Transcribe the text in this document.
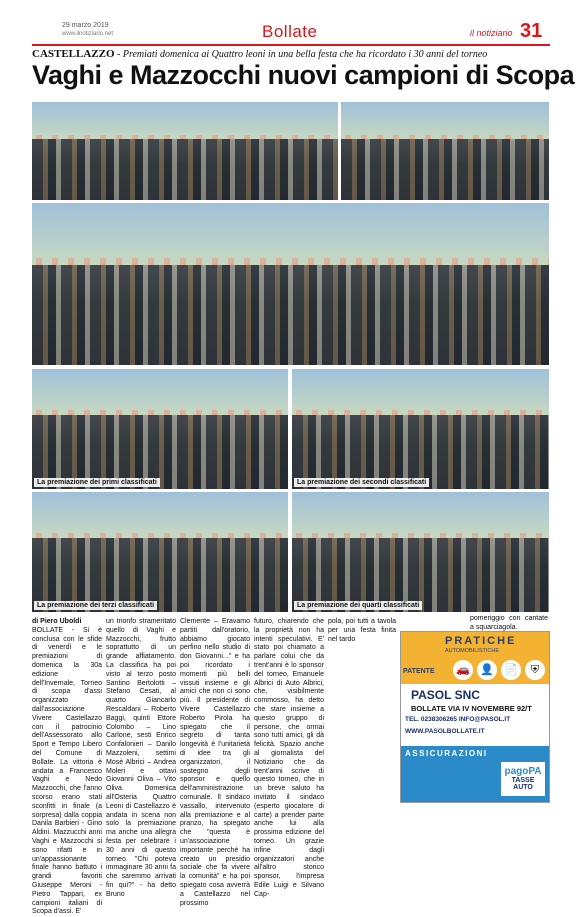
29 marzo 2019
www.ilnotiziario.net	Bollate	il notiziario 31
CASTELLAZZO - Premiati domenica ai Quattro leoni in una bella festa che ha ricordato i 30 anni del torneo
Vaghi e Mazzocchi nuovi campioni di Scopa
La premiazione dei primi classificati	La premiazione dei secondi classificati
La premiazione dei terzi classificati	La premiazione dei quarti classificati
di Piero Uboldi
BOLLATE - Si è conclusa con le sfide di venerdì e le premiazioni di domenica la 30a edizione dell'Invernale, Torneo di scopa d'assi organizzato dall'associazione Vivere Castellazzo con il patrocinio dell'Assessorato allo Sport e Tempo Libero del Comune di Bollate. La vittoria è andata a Francesco Vaghi e Nedo Mazzocchi, che l'anno scorso erano stati sconfitti in finale (a sorpresa) dalla coppia Danila Barbieri - Gino Aldini. Mazzucchi anni Vaghi e Mazzocchi si sono rifatti e in un'appassionante finale hanno battuto i grandi favoriti Giuseppe Meroni - Pietro Tappari, ex campioni italiani di Scopa d'assi. E'
un trionfo strameritato quello di Vaghi e Mazzocchi, frutto soprattutto di un grande affiatamento. La classifica ha poi visto al terzo posto Santino Bertolotti – Stefano Cesati, al quarto Giancarlo Rescaldani – Roberto Baggi, quinti Ettore Colombo – Lino Carlone, sesti Enrico Confalonieri – Danilo Mazzoleni, settimi Mosè Albrici – Andrea Moleri e ottavi Giovanni Oliva – Vito Oliva. Domenica all'Osteria Quattro Leoni di Castellazzo è andata in scena non solo la premiazione ma anche una allegra festa per celebrare i 30 anni di questo torneo. "Chi poteva immaginare 30 anni fa che saremmo arrivati fin qui?" - ha detto Bruno
Clemente – Eravamo partiti dall'oratorio, abbiamo giocato perfino nello studio di don Giovanni..." e ha poi ricordato i momenti più belli vissuti insieme e gli amici che non ci sono più. Il presidente di Vivere Castellazzo Roberto Pirola ha spiegato che il segreto di tanta longevità è l'unitarietà di idee tra gli organizzatori, il sostegno degli sponsor e quello dell'amministrazione comunale. Il sindaco vassallo, intervenuto alla premiazione e al pranzo, ha spiegato che "questa è un'associazione importante perché ha creato un presidio sociale che fa vivere la comunità" e ha poi spiegato cosa avverrà a Castellazzo nel prossimo
futuro, chiarendo che la proprietà non ha intenti speculativi. E' stato poi chiamato a parlare colui che da trent'anni è lo sponsor del torneo, Emanuele Albrici di Auto Albrici, che, visibilmente commosso, ha detto che stare insieme a questo gruppo di persone, che ormai sono tutti amici, gli dà felicità. Spazio anche al giornalista del Notiziario che da trent'anni scrive di questo torneo, che in un breve saluto ha invitato il sindaco (esperto giocatore di carte) a prender parte anche lui alla prossima edizione del torneo. Un grazie infine dagli organizzatori anche all'altro storico sponsor, l'impresa Edile Luigi e Silvano Cap-
pola, poi tutti a tavola per una festa finita nel tardo
pomeriggio con cantate a squarciagola.
PRATICHE
AUTOMOBILISTICHE
PATENTE 🚗 👤 📄	⛨
PASOL SNC
BOLLATE VIA IV NOVEMBRE 92/T
TEL. 0238306265 INFO@PASOL.IT
WWW.PASOLBOLLATE.IT
ASSICURAZIONI
pagoPA
TASSE AUTO
